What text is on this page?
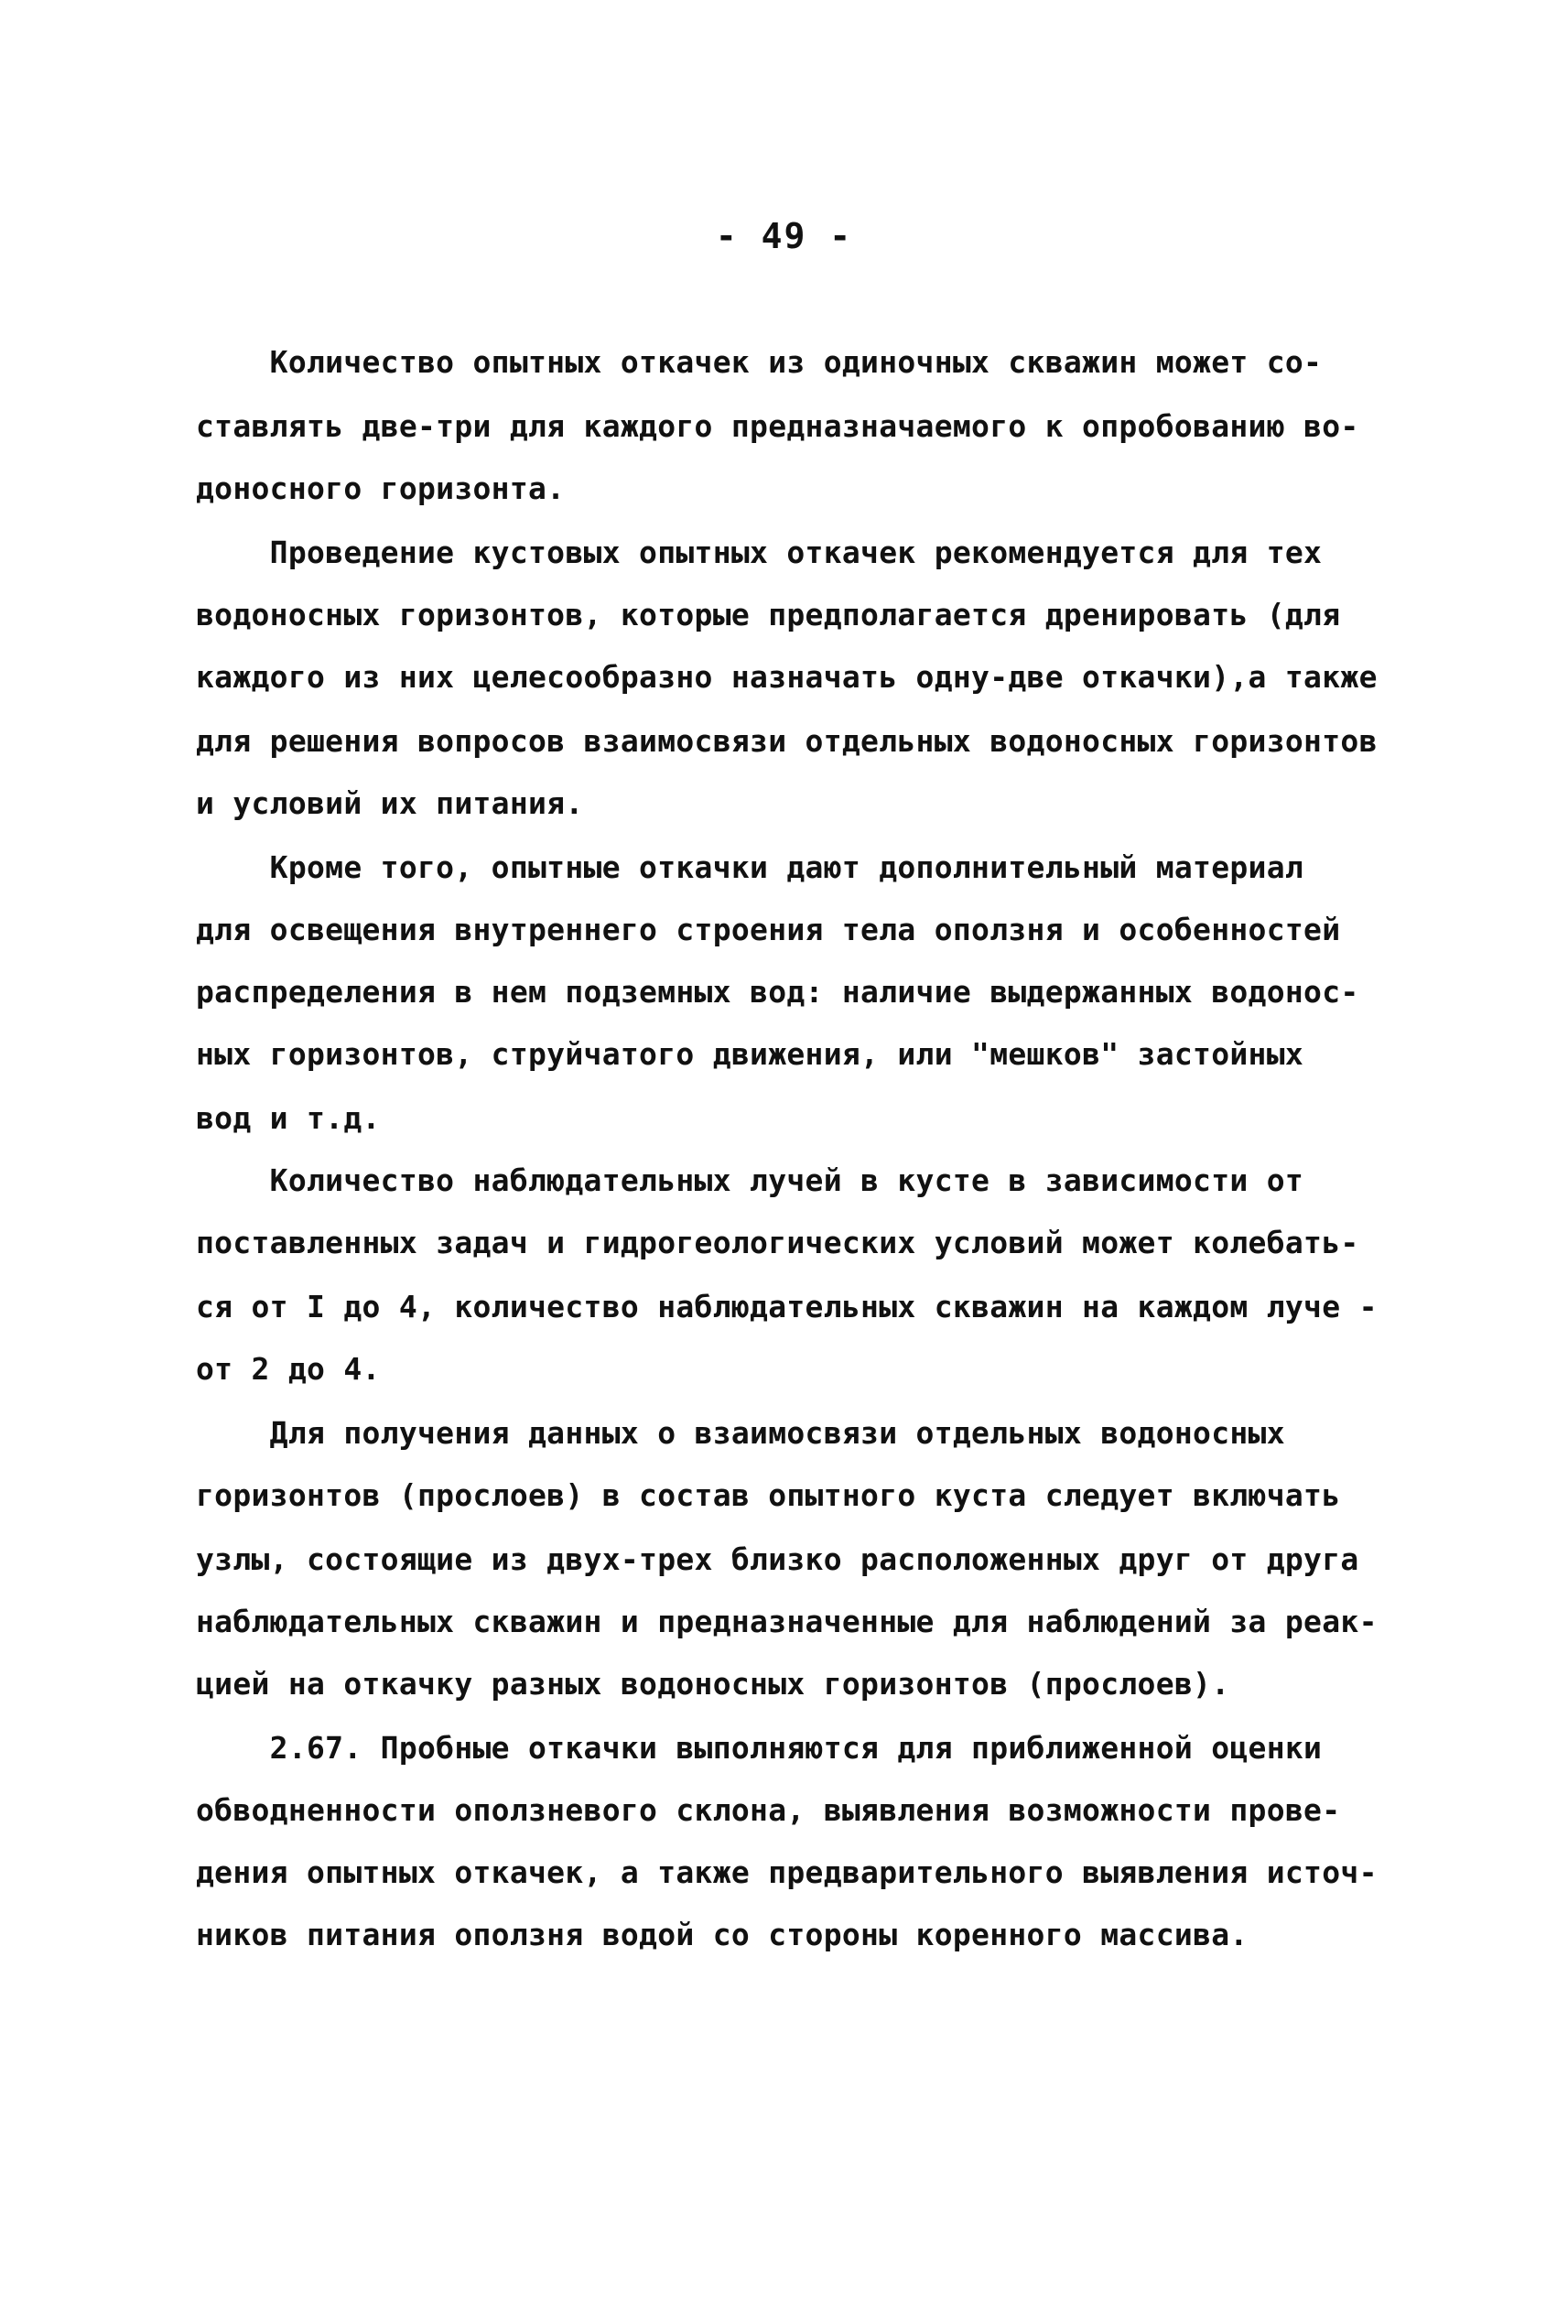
- 49 -
Количество опытных откачек из одиночных скважин может со-
ставлять две-три для каждого предназначаемого к опробованию во-
доносного горизонта.
Проведение кустовых опытных откачек рекомендуется для тех
водоносных горизонтов, которые предполагается дренировать (для
каждого из них целесообразно назначать одну-две откачки),а также
для решения вопросов взаимосвязи отдельных водоносных горизонтов
и условий их питания.
Кроме того, опытные откачки дают дополнительный материал
для освещения внутреннего строения тела оползня и особенностей
распределения в нем подземных вод: наличие выдержанных водонос-
ных горизонтов, струйчатого движения, или "мешков" застойных
вод и т.д.
Количество наблюдательных лучей в кусте в зависимости от
поставленных задач и гидрогеологических условий может колебать-
ся от I до 4, количество наблюдательных скважин на каждом луче -
от 2 до 4.
Для получения данных о взаимосвязи отдельных водоносных
горизонтов (прослоев) в состав опытного куста следует включать
узлы, состоящие из двух-трех близко расположенных друг от друга
наблюдательных скважин и предназначенные для наблюдений за реак-
цией на откачку разных водоносных горизонтов (прослоев).
2.67. Пробные откачки выполняются для приближенной оценки
обводненности оползневого склона, выявления возможности прове-
дения опытных откачек, а также предварительного выявления источ-
ников питания оползня водой со стороны коренного массива.
